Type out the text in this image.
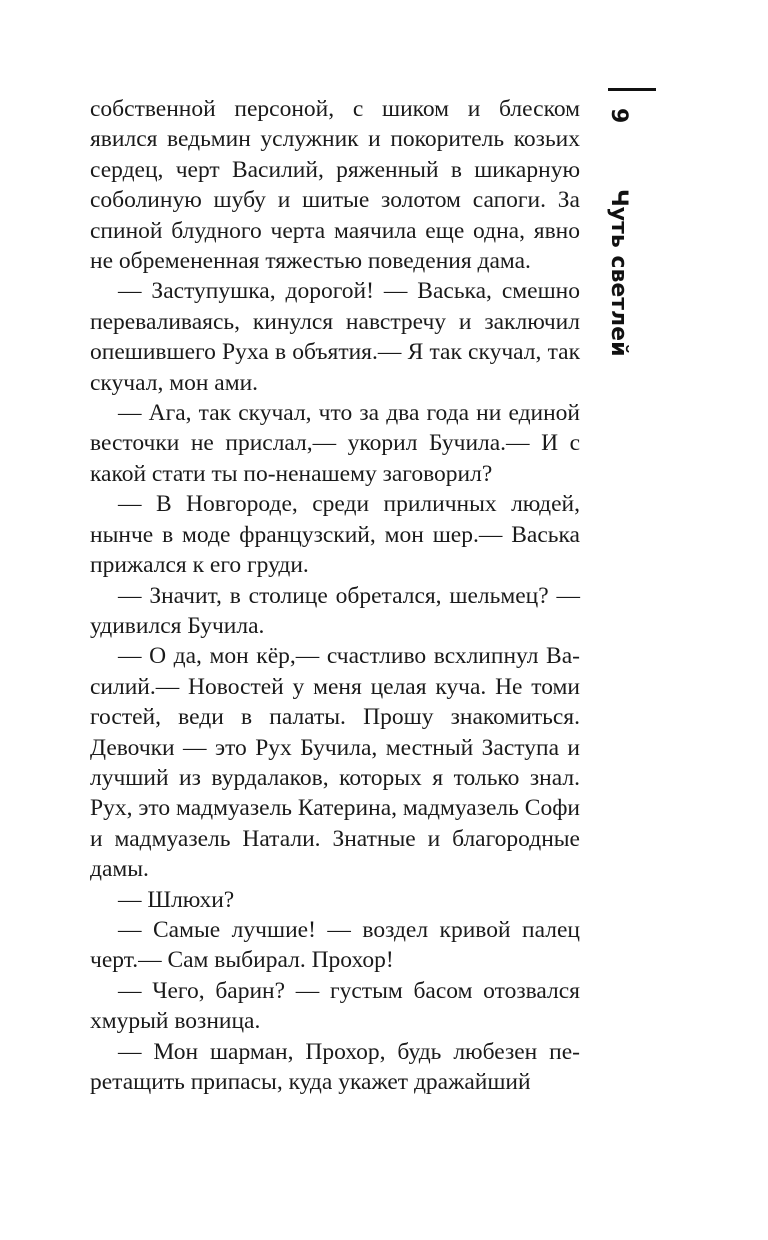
собственной персоной, с шиком и блеском явился ведьмин услужник и покоритель козьих сердец, черт Василий, ряженный в шикарную соболиную шубу и шитые золотом сапоги. За спиной блудного черта маячила еще одна, явно не обремененная тяжестью поведения дама.

— Заступушка, дорогой! — Васька, смешно переваливаясь, кинулся навстречу и заключил опешившего Руха в объятия.— Я так скучал, так скучал, мон ами.

— Ага, так скучал, что за два года ни единой весточки не прислал,— укорил Бучила.— И с какой стати ты по-ненашему заговорил?

— В Новгороде, среди приличных людей, нынче в моде французский, мон шер.— Васька прижался к его груди.

— Значит, в столице обретался, шельмец? — удивился Бучила.

— О да, мон кёр,— счастливо всхлипнул Василий.— Новостей у меня целая куча. Не томи гостей, веди в палаты. Прошу знакомиться. Девочки — это Рух Бучила, местный Заступа и лучший из вурдалаков, которых я только знал. Рух, это мадмуазель Катерина, мадмуазель Софи и мадмуазель Натали. Знатные и благородные дамы.

— Шлюхи?

— Самые лучшие! — воздел кривой палец черт.— Сам выбирал. Прохор!

— Чего, барин? — густым басом отозвался хмурый возница.

— Мон шарман, Прохор, будь любезен перетащить припасы, куда укажет дражайший

9 Чуть светлей
